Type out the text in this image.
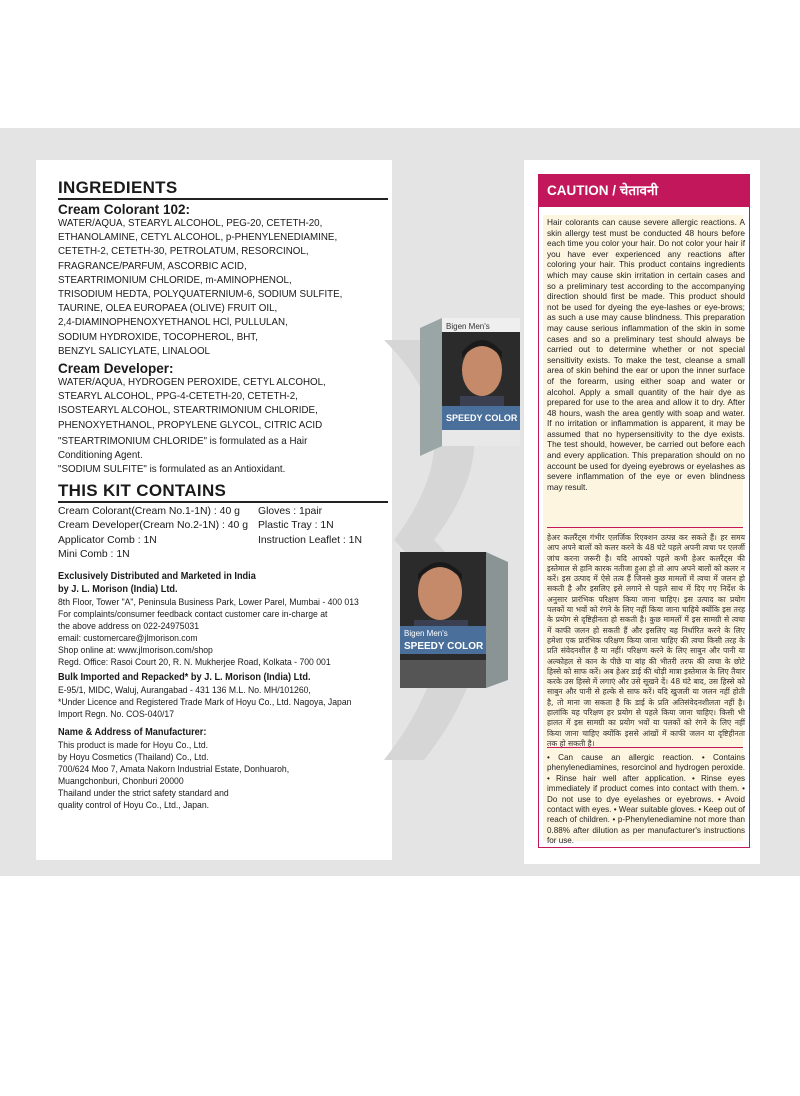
INGREDIENTS

Cream Colorant 102:

WATER/AQUA, STEARYL ALCOHOL, PEG-20, CETETH-20,
ETHANOLAMINE, CETYL ALCOHOL, p-PHENYLENEDIAMINE,
CETETH-2, CETETH-30, PETROLATUM, RESORCINOL,
FRAGRANCE/PARFUM, ASCORBIC ACID,
STEARTRIMONIUM CHLORIDE, m-AMINOPHENOL,
TRISODIUM HEDTA, POLYQUATERNIUM-6, SODIUM SULFITE,
TAURINE, OLEA EUROPAEA (OLIVE) FRUIT OIL,
2,4-DIAMINOPHENOXYETHANOL HCl, PULLULAN,
SODIUM HYDROXIDE, TOCOPHEROL, BHT,
BENZYL SALICYLATE, LINALOOL

Cream Developer:

WATER/AQUA, HYDROGEN PEROXIDE, CETYL ALCOHOL,
STEARYL ALCOHOL, PPG-4-CETETH-20, CETETH-2,
ISOSTEARYL ALCOHOL, STEARTRIMONIUM CHLORIDE,
PHENOXYETHANOL, PROPYLENE GLYCOL, CITRIC ACID

"STEARTRIMONIUM CHLORIDE" is formulated as a Hair
Conditioning Agent.

"SODIUM SULFITE" is formulated as an Antioxidant.

THIS KIT CONTAINS

Cream Colorant(Cream No.1-1N) : 40 g
Cream Developer(Cream No.2-1N) : 40 g
Applicator Comb : 1N
Mini Comb : 1N
Gloves : 1pair
Plastic Tray : 1N
Instruction Leaflet : 1N

Exclusively Distributed and Marketed in India
by J. L. Morison (India) Ltd.

8th Floor, Tower "A", Peninsula Business Park, Lower Parel, Mumbai - 400 013
For complaints/consumer feedback contact customer care in-charge at
the above address on 022-24975031
email: customercare@jlmorison.com
Shop online at: www.jlmorison.com/shop
Regd. Office: Rasoi Court 20, R. N. Mukherjee Road, Kolkata - 700 001

Bulk Imported and Repacked* by J. L. Morison (India) Ltd.

E-95/1, MIDC, Waluj, Aurangabad - 431 136 M.L. No. MH/101260,
*Under Licence and Registered Trade Mark of Hoyu Co., Ltd. Nagoya, Japan
Import Regn. No. COS-040/17

Name & Address of Manufacturer:

This product is made for Hoyu Co., Ltd.
by Hoyu Cosmetics (Thailand) Co., Ltd.
700/624 Moo 7, Amata Nakorn Industrial Estate, Donhuaroh,
Muangchonburi, Chonburi 20000
Thailand under the strict safety standard and
quality control of Hoyu Co., Ltd., Japan.

Bigen Men's
SPEEDY COLOR
Bigen Men's
SPEEDY COLOR
CAUTION / चेतावनी

Hair colorants can cause severe allergic reactions. A skin allergy test must be conducted 48 hours before each time you color your hair. Do not color your hair if you have ever experienced any reactions after coloring your hair. This product contains ingredients which may cause skin irritation in certain cases and so a preliminary test according to the accompanying direction should first be made. This product should not be used for dyeing the eye-lashes or eye-brows; as such a use may cause blindness. This preparation may cause serious inflammation of the skin in some cases and so a preliminary test should always be carried out to determine whether or not special sensitivity exists. To make the test, cleanse a small area of skin behind the ear or upon the inner surface of the forearm, using either soap and water or alcohol. Apply a small quantity of the hair dye as prepared for use to the area and allow it to dry. After 48 hours, wash the area gently with soap and water. If no irritation or inflammation is apparent, it may be assumed that no hypersensitivity to the dye exists. The test should, however, be carried out before each and every application. This preparation should on no account be used for dyeing eyebrows or eyelashes as severe inflammation of the eye or even blindness may result.

हेअर कलरैंट्स गंभीर एलर्जिक रिएक्शन उत्पन्न कर सकते हैं। हर समय आप अपने बालों को कलर करने के 48 घंटे पहले अपनी त्वचा पर एलर्जी जांच करना जरूरी है। यदि आपको पहले कभी हेअर कलरैंट्स की इस्तेमाल से हानि कारक नतीजा हुआ हो तो आप अपने बालों को कलर न करें। इस उत्पाद में ऐसे तत्व हैं जिनसे कुछ मामलों में त्वचा में जलन हो सकती है और इसलिए इसे लगाने से पहले साथ में दिए गए निर्देश के अनुसार प्रारंभिक परिक्षण किया जाना चाहिए। इस उत्पाद का प्रयोग पलकों या भवों को रंगने के लिए नहीं किया जाना चाहिये क्योंकि इस तरह के प्रयोग से दृष्टिहीनता हो सकती है। कुछ मामलों में इस सामग्री से त्वचा में काफी जलन हो सकती हैं और इसलिए यह निर्धारित करने के लिए हमेशा एक प्रारंभिक परिक्षण किया जाना चाहिए की त्वचा किसी तरह के प्रति संवेदनशील है या नहीं। परिक्षण करने के लिए साबुन और पानी या अल्कोहल से कान के पीछे या बांह की भीतरी तरफ की त्वचा के छोटे हिस्से को साफ करें। अब हेअर डाई की थोड़ी मात्रा इस्तेमाल के लिए तैयार करके उस हिस्से में लगाएं और उसे सूखने दें। 48 घंटे बाद, उस हिस्से को साबुन और पानी से हल्के से साफ करें। यदि खुजली या जलन नहीं होती है, तो माना जा सकता है कि डाई के प्रति अतिसंवेदनशीलता नहीं है। हालांकि यह परिक्षण हर प्रयोग से पहले किया जाना चाहिए। किसी भी हालत में इस सामग्री का प्रयोग भवों या पलकों को रंगने के लिए नहीं किया जाना चाहिए क्योंकि इससे आंखों में काफी जलन या दृष्टिहीनता तक हो सकती है।

• Can cause an allergic reaction. • Contains phenylenediamines, resorcinol and hydrogen peroxide. • Rinse hair well after application. • Rinse eyes immediately if product comes into contact with them. • Do not use to dye eyelashes or eyebrows. • Avoid contact with eyes. • Wear suitable gloves. • Keep out of reach of children. • p-Phenylenediamine not more than 0.88% after dilution as per manufacturer's instructions for use.
